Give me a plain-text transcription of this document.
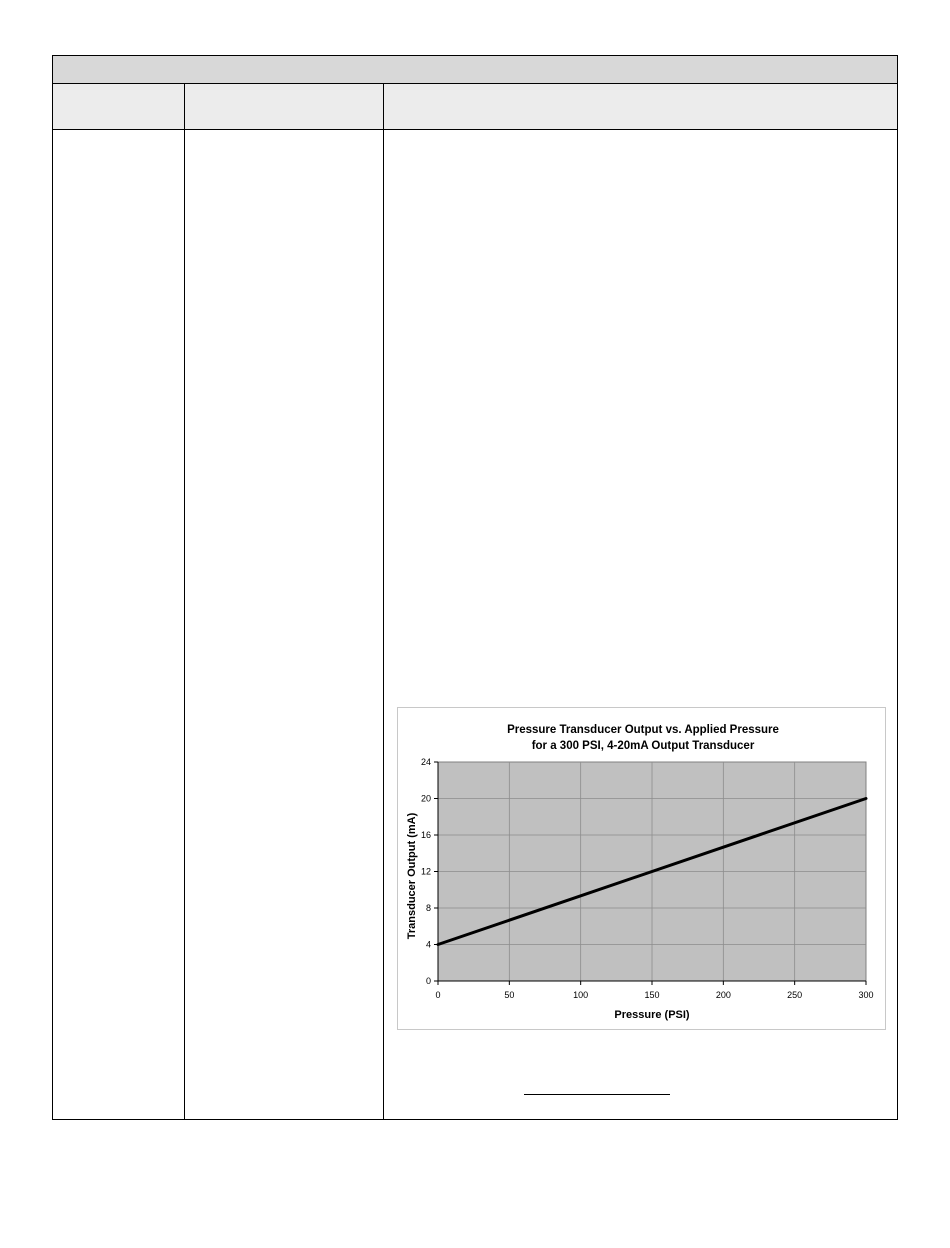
Pressure Transducer Output vs. Applied Pressure
for a 300 PSI, 4-20mA Output Transducer
0	50	100	150	200	250	300
0
4
8
12
16
20
24
Pressure (PSI)
Transducer Output (mA)
